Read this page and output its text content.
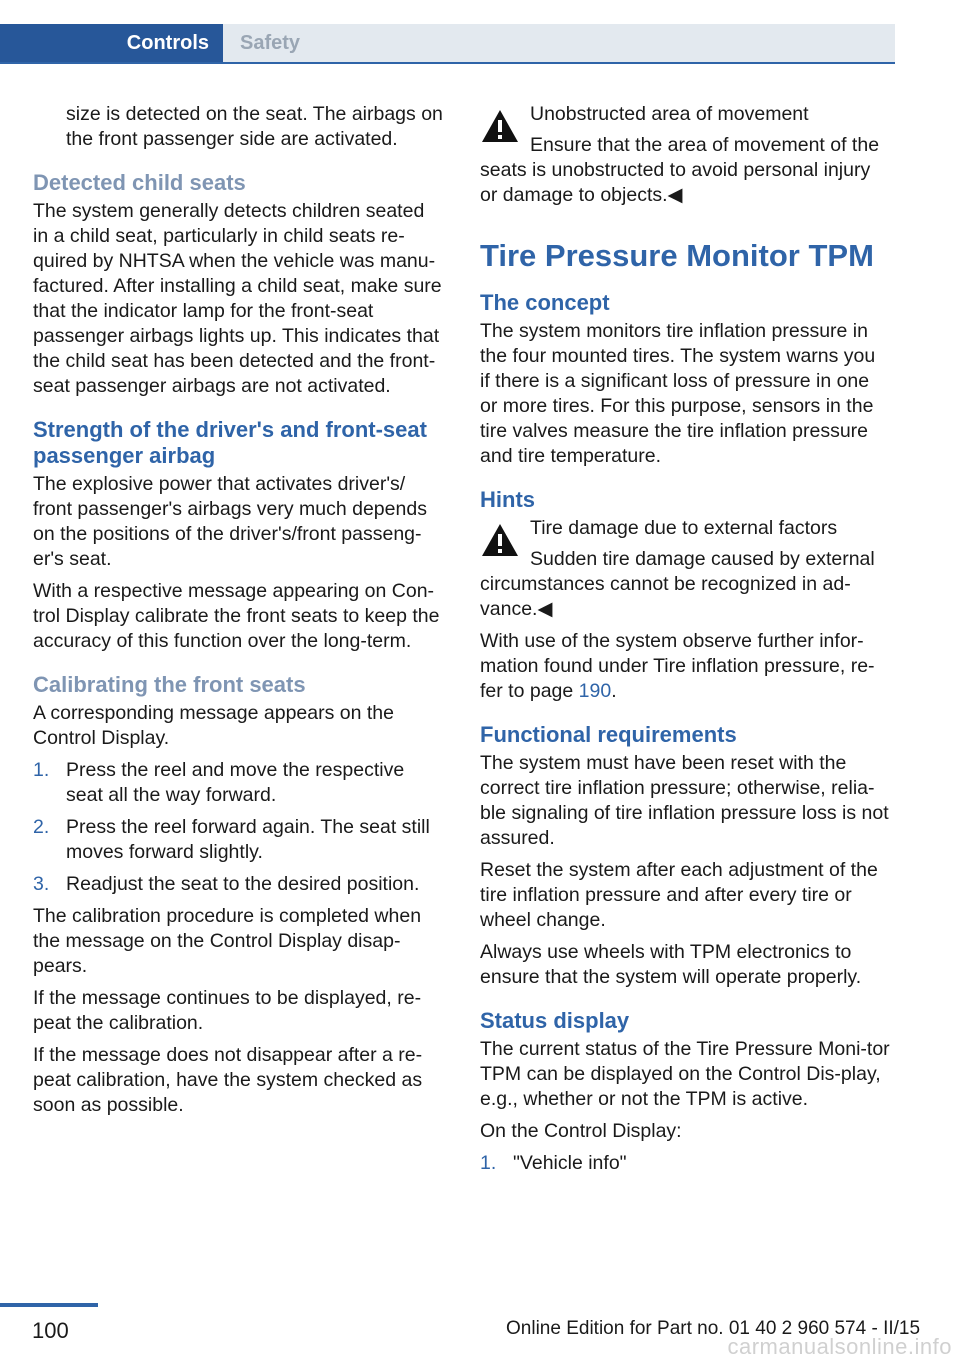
Controls	Safety

size is detected on the seat. The airbags on the front passenger side are activated.

Detected child seats

The system generally detects children seated in a child seat, particularly in child seats re‐quired by NHTSA when the vehicle was manu‐factured. After installing a child seat, make sure that the indicator lamp for the front-seat passenger airbags lights up. This indicates that the child seat has been detected and the front-seat passenger airbags are not activated.

Strength of the driver's and front-seat passenger airbag

The explosive power that activates driver's/ front passenger's airbags very much depends on the positions of the driver's/front passeng‐er's seat.

With a respective message appearing on Con‐trol Display calibrate the front seats to keep the accuracy of this function over the long-term.

Calibrating the front seats

A corresponding message appears on the Control Display.

1. Press the reel and move the respective seat all the way forward.
2. Press the reel forward again. The seat still moves forward slightly.
3. Readjust the seat to the desired position.

The calibration procedure is completed when the message on the Control Display disap‐pears.

If the message continues to be displayed, re‐peat the calibration.

If the message does not disappear after a re‐peat calibration, have the system checked as soon as possible.

Unobstructed area of movement

Ensure that the area of movement of the seats is unobstructed to avoid personal injury or damage to objects.◀

Tire Pressure Monitor TPM
The concept

The system monitors tire inflation pressure in the four mounted tires. The system warns you if there is a significant loss of pressure in one or more tires. For this purpose, sensors in the tire valves measure the tire inflation pressure and tire temperature.

Hints

Tire damage due to external factors

Sudden tire damage caused by external circumstances cannot be recognized in ad‐vance.◀

With use of the system observe further infor‐mation found under Tire inflation pressure, re‐fer to page 190.

Functional requirements

The system must have been reset with the correct tire inflation pressure; otherwise, relia‐ble signaling of tire inflation pressure loss is not assured.

Reset the system after each adjustment of the tire inflation pressure and after every tire or wheel change.

Always use wheels with TPM electronics to ensure that the system will operate properly.

Status display

The current status of the Tire Pressure Moni‐tor TPM can be displayed on the Control Dis‐play, e.g., whether or not the TPM is active.

On the Control Display:

1. "Vehicle info"
100	Online Edition for Part no. 01 40 2 960 574 - II/15
carmanualsonline.info
